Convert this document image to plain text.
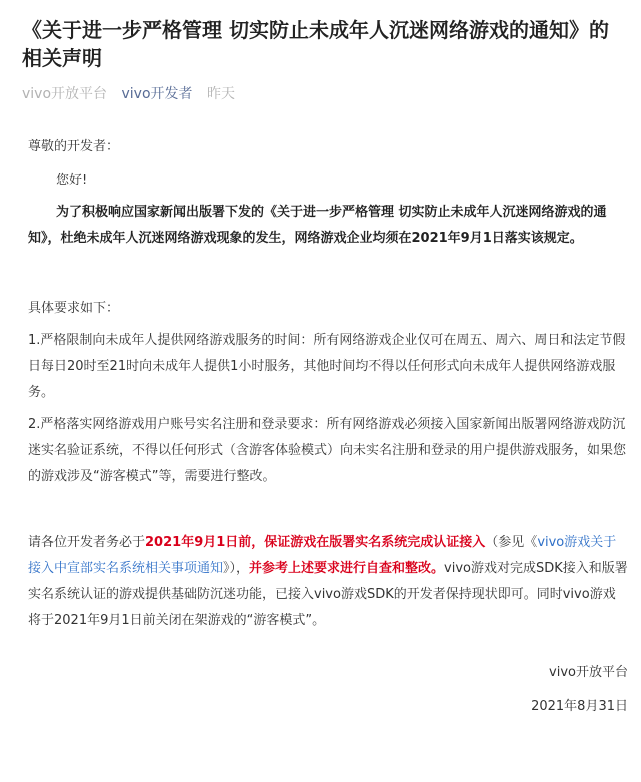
《关于进一步严格管理 切实防止未成年人沉迷网络游戏的通知》的相关声明
vivo开放平台 vivo开发者 昨天

尊敬的开发者：

您好!

为了积极响应国家新闻出版署下发的《关于进一步严格管理 切实防止未成年人沉迷网络游戏的通知》，杜绝未成年人沉迷网络游戏现象的发生，网络游戏企业均须在2021年9月1日落实该规定。

具体要求如下：

1.严格限制向未成年人提供网络游戏服务的时间：所有网络游戏企业仅可在周五、周六、周日和法定节假日每日20时至21时向未成年人提供1小时服务，其他时间均不得以任何形式向未成年人提供网络游戏服务。

2.严格落实网络游戏用户账号实名注册和登录要求：所有网络游戏必须接入国家新闻出版署网络游戏防沉迷实名验证系统，不得以任何形式（含游客体验模式）向未实名注册和登录的用户提供游戏服务，如果您的游戏涉及“游客模式”等，需要进行整改。

请各位开发者务必于2021年9月1日前，保证游戏在版署实名系统完成认证接入（参见《vivo游戏关于接入中宣部实名系统相关事项通知》），并参考上述要求进行自查和整改。vivo游戏对完成SDK接入和版署实名系统认证的游戏提供基础防沉迷功能，已接入vivo游戏SDK的开发者保持现状即可。同时vivo游戏将于2021年9月1日前关闭在架游戏的“游客模式”。

vivo开放平台

2021年8月31日
